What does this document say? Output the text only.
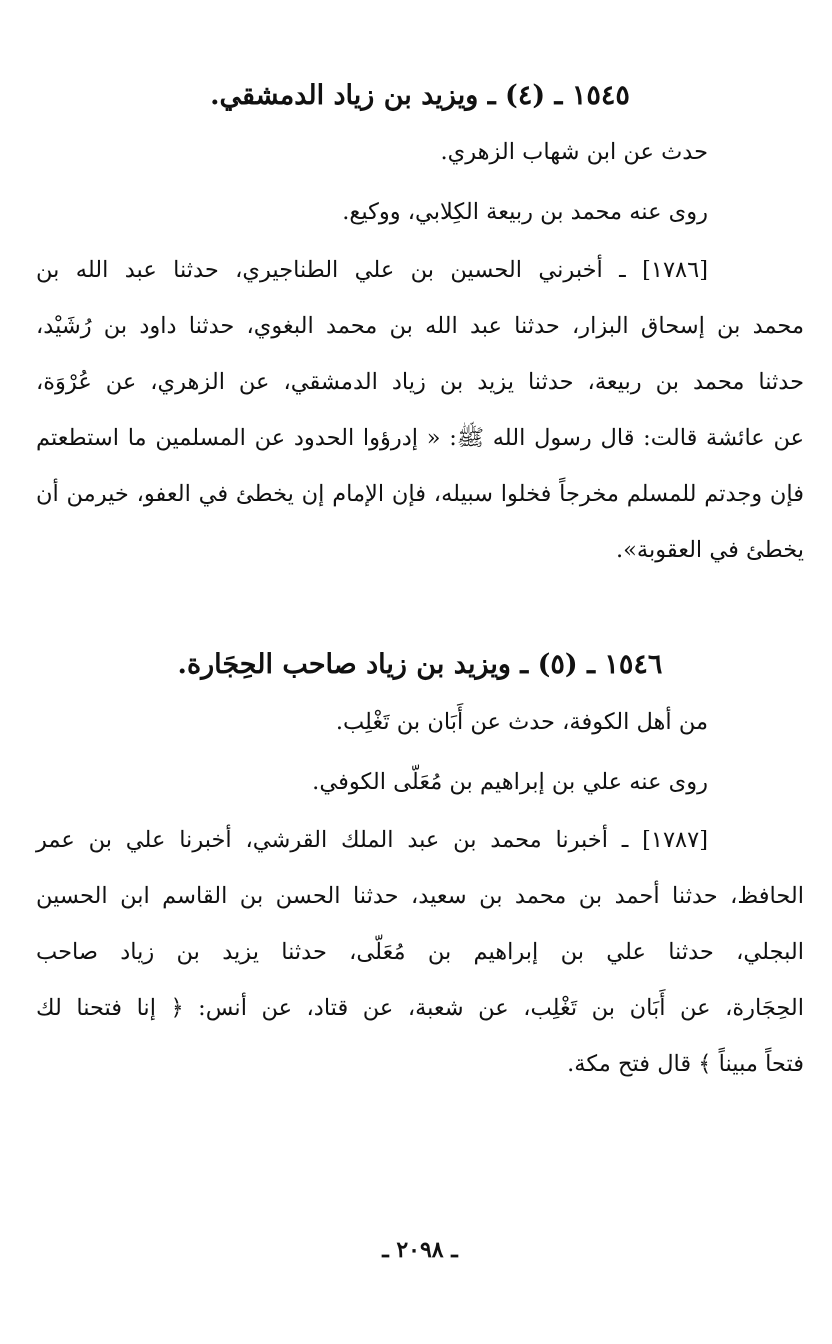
١٥٤٥ ـ (٤) ـ ويزيد بن زياد الدمشقي.
حدث عن ابن شهاب الزهري.
روى عنه محمد بن ربيعة الكِلابي، ووكيع.
[١٧٨٦] ـ أخبرني الحسين بن علي الطناجيري، حدثنا عبد الله بن
محمد بن إسحاق البزار، حدثنا عبد الله بن محمد البغوي، حدثنا داود بن رُشَيْد،
حدثنا محمد بن ربيعة، حدثنا يزيد بن زياد الدمشقي، عن الزهري، عن عُرْوَة،
عن عائشة قالت: قال رسول الله ﷺ: « إدرؤوا الحدود عن المسلمين ما استطعتم
فإن وجدتم للمسلم مخرجاً فخلوا سبيله، فإن الإمام إن يخطئ في العفو، خيرمن أن
يخطئ في العقوبة».
١٥٤٦ ـ (٥) ـ ويزيد بن زياد صاحب الحِجَارة.
من أهل الكوفة، حدث عن أَبَان بن تَغْلِب.
روى عنه علي بن إبراهيم بن مُعَلّى الكوفي.
[١٧٨٧] ـ أخبرنا محمد بن عبد الملك القرشي، أخبرنا علي بن عمر
الحافظ، حدثنا أحمد بن محمد بن سعيد، حدثنا الحسن بن القاسم ابن الحسين
البجلي، حدثنا علي بن إبراهيم بن مُعَلّى، حدثنا يزيد بن زياد صاحب
الحِجَارة، عن أَبَان بن تَغْلِب، عن شعبة، عن قتاد، عن أنس: ﴿ إنا فتحنا لك
فتحاً مبيناً ﴾ قال فتح مكة.
ـ ٢٠٩٨ ـ
